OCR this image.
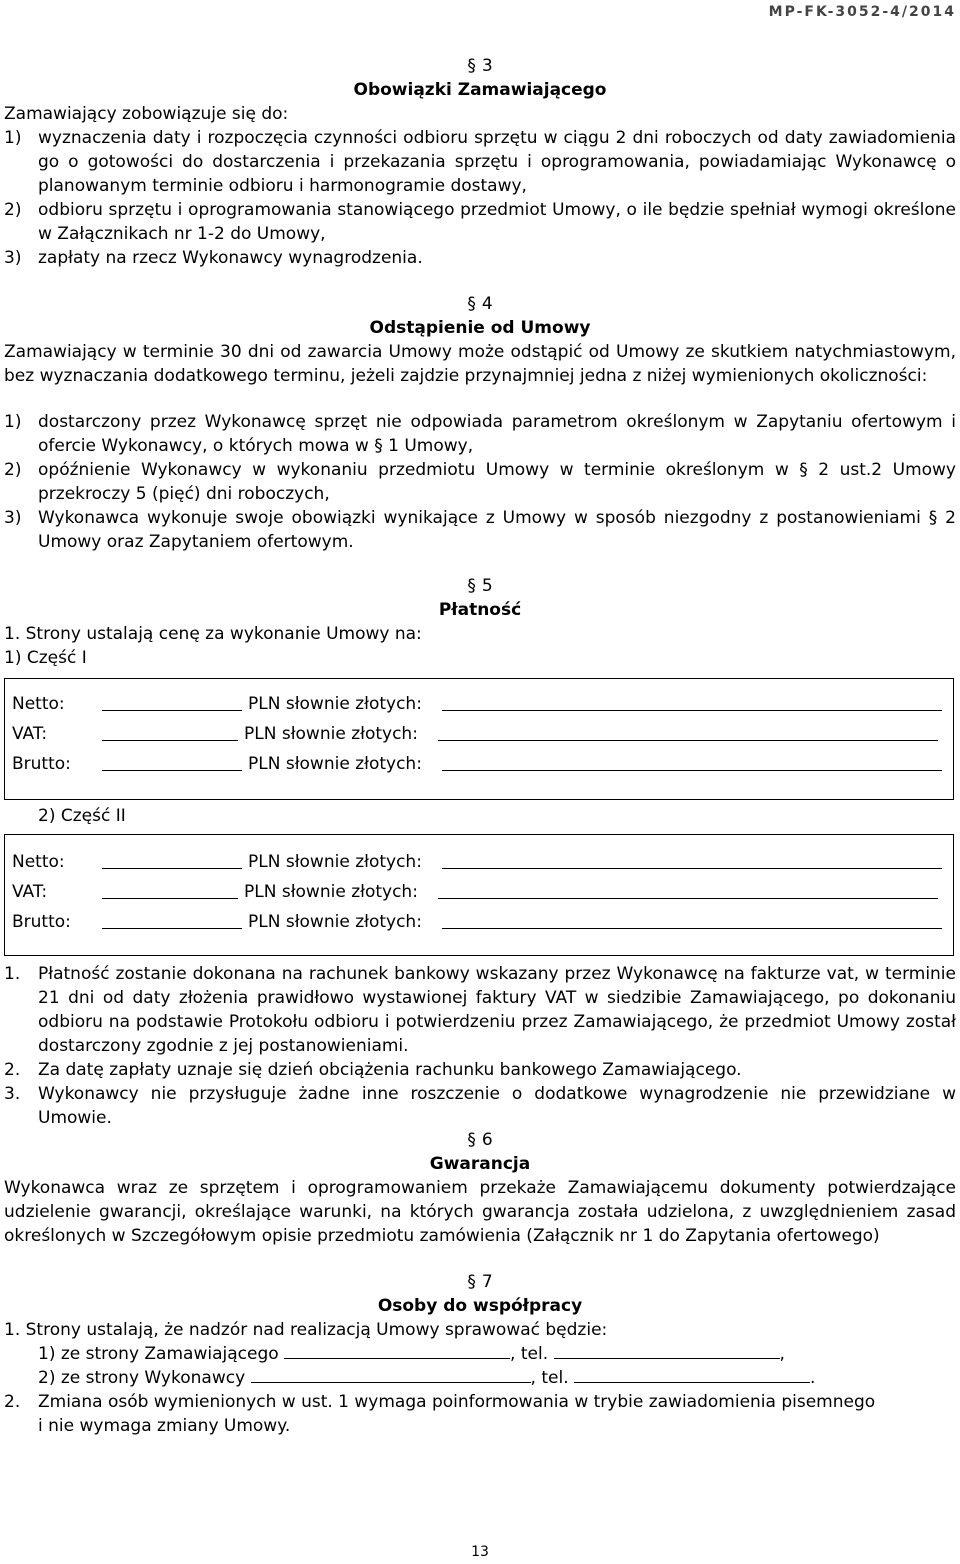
MP-FK-3052-4/2014
§ 3
Obowiązki Zamawiającego
Zamawiający zobowiązuje się do:
1) wyznaczenia daty i rozpoczęcia czynności odbioru sprzętu w ciągu 2 dni roboczych od daty zawiadomienia go o gotowości do dostarczenia i przekazania sprzętu i oprogramowania, powiadamiając Wykonawcę o planowanym terminie odbioru i harmonogramie dostawy,
2) odbioru sprzętu i oprogramowania stanowiącego przedmiot Umowy, o ile będzie spełniał wymogi określone w Załącznikach nr 1-2 do Umowy,
3) zapłaty na rzecz Wykonawcy wynagrodzenia.
§ 4
Odstąpienie od Umowy
Zamawiający w terminie 30 dni od zawarcia Umowy może odstąpić od Umowy ze skutkiem natychmiastowym, bez wyznaczania dodatkowego terminu, jeżeli zajdzie przynajmniej jedna z niżej wymienionych okoliczności:
1) dostarczony przez Wykonawcę sprzęt nie odpowiada parametrom określonym w Zapytaniu ofertowym i ofercie Wykonawcy, o których mowa w § 1 Umowy,
2) opóźnienie Wykonawcy w wykonaniu przedmiotu Umowy w terminie określonym w § 2 ust.2 Umowy przekroczy 5 (pięć) dni roboczych,
3) Wykonawca wykonuje swoje obowiązki wynikające z Umowy w sposób niezgodny z postanowieniami § 2 Umowy oraz Zapytaniem ofertowym.
§ 5
Płatność
1. Strony ustalają cenę za wykonanie Umowy na:
1) Część I
Netto:	PLN słownie złotych:
VAT:	PLN słownie złotych:
Brutto:	PLN słownie złotych:
2) Część II
Netto:	PLN słownie złotych:
VAT:	PLN słownie złotych:
Brutto:	PLN słownie złotych:
1.	Płatność zostanie dokonana na rachunek bankowy wskazany przez Wykonawcę na fakturze vat, w terminie 21 dni od daty złożenia prawidłowo wystawionej faktury VAT w siedzibie Zamawiającego, po dokonaniu odbioru na podstawie Protokołu odbioru i potwierdzeniu przez Zamawiającego, że przedmiot Umowy został dostarczony zgodnie z jej postanowieniami.
2.	Za datę zapłaty uznaje się dzień obciążenia rachunku bankowego Zamawiającego.
3.	Wykonawcy nie przysługuje żadne inne roszczenie o dodatkowe wynagrodzenie nie przewidziane w Umowie.
§ 6
Gwarancja
Wykonawca wraz ze sprzętem i oprogramowaniem przekaże Zamawiającemu dokumenty potwierdzające udzielenie gwarancji, określające warunki, na których gwarancja została udzielona, z uwzględnieniem zasad określonych w Szczegółowym opisie przedmiotu zamówienia (Załącznik nr 1 do Zapytania ofertowego)
§ 7
Osoby do współpracy
1. Strony ustalają, że nadzór nad realizacją Umowy sprawować będzie:
1) ze strony Zamawiającego	, tel.	,
2) ze strony Wykonawcy	, tel.	.
2.	Zmiana osób wymienionych w ust. 1 wymaga poinformowania w trybie zawiadomienia pisemnego
i nie wymaga zmiany Umowy.
13
